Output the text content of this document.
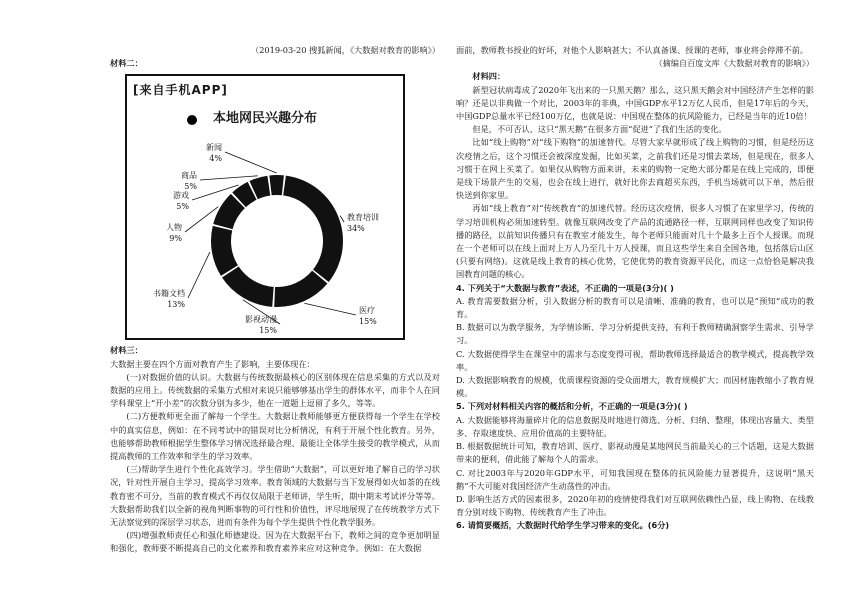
（2019-03-20 搜狐新闻，《大数据对教育的影响》）
材料二：
[来自手机APP]
本地网民兴趣分布
教育培训
34%
医疗
15%
影视动漫
15%
书籍文档
13%
人物
9%
游戏
5%
商品
5%
新闻
4%
材料三：

大数据主要在四个方面对教育产生了影响，主要体现在：

(一)对数据价值的认识。大数据与传统数据最核心的区别体现在信息采集的方式以及对数据的应用上。传统数据的采集方式相对来说只能够够基出学生的群体水平，而非个人在同学科课堂上“开小差”的次数分别为多少，他在一道题上逗留了多久，等等。

(二)方便教师更全面了解每一个学生。大数据让教师能够更方便获得每一个学生在学校中的真实信息，例如：在不同考试中的错误对比分析情况，有利于开展个性化教育。另外，也能够帮助教师根据学生整体学习情况选择最合理、最能让全体学生接受的教学模式，从而提高教师的工作效率和学生的学习效率。

(三)帮助学生进行个性化高效学习。学生借助“大数据”，可以更好地了解自己的学习状况，针对性开展自主学习，提高学习效率。教育领域的大数据与当下发展得如火如荼的在线教育密不可分，当前的教育模式不再仅仅局限于老师讲，学生听，期中期末考试评分等等。大数据帮助我们以全新的视角判断事物的可行性和价值性，评尽地展现了在传统教学方式下无法察觉到的深层学习状态，进而有条件为每个学生提供个性化教学服务。

(四)增强教师责任心和强化师德建设。因为在大数据平台下，教师之间的竞争更加明显和强化，教师要不断提高自己的文化素养和教育素养来应对这种竞争。例如：在大数据

面前，教师教书授业的好坏，对他个人影响甚大；不认真备课、授课的老师，事业将会停滞不前。

（摘编自百度文库《大数据对教育的影响》）
材料四：

新型冠状病毒成了2020年飞出来的一只黑天鹅？那么，这只黑天鹅会对中国经济产生怎样的影响？还是以非典做一个对比，2003年的非典，中国GDP水平12万亿人民币，但是17年后的今天，中国GDP总量水平已经100万亿，也就是说：中国现在整体的抗风险能力，已经是当年的近10倍！

但是，不可否认，这只“黑天鹅”在很多方面“促进”了我们生活的变化。

比如“线上购物”对“线下购物”的加速替代。尽管大家早就形成了线上购物的习惯，但是经历这次疫情之后，这个习惯还会被深度发掘，比如买菜，之前我们还是习惯去菜场，但是现在，很多人习惯于在网上买菜了。如果仅从购物方面来讲，未来的购物一定绝大部分都是在线上完成的，即便是线下场景产生的交易，也会在线上进行，就好比你去商超买东西，手机当场就可以下单，然后很快送到你家里。

再如“线上教育”对“传统教育”的加速代替。经历这次疫情，很多人习惯了在家里学习，传统的学习培训机构必须加速转型。就像互联网改变了产品的流通路径一样，互联网同样也改变了知识传播的路径，以前知识传播只有在教室才能发生，每个老师只能面对几十个最多上百个人授课。而现在一个老师可以在线上面对上万人乃至几十万人授课，而且这些学生来自全国各地，包括落后山区(只要有网络)。这就是线上教育的核心优势，它使优势的教育资源平民化，而这一点恰恰是解决我国教育问题的核心。

4. 下列关于“大数据与教育”表述，不正确的一项是(3分)( )

A. 教育需要数据分析，引入数据分析的教育可以是清晰、准确的教育，也可以是“预知”成功的教育。

B. 数据可以为教学服务，为学情诊断、学习分析提供支持，有利于教师精确洞察学生需求、引导学习。

C. 大数据使得学生在课堂中的需求与态度变得可视，帮助教师选择最适合的教学模式，提高教学效率。

D. 大数据影响教育的规模，优质课程资源的受众面增大，教育规模扩大；而因材施教缩小了教育规模。

5. 下列对材料相关内容的概括和分析，不正确的一项是(3分)( )

A. 大数据能够将海量碎片化的信息数据及时地进行筛选、分析、归纳、整理，体现出容量大、类型多、存取速度快、应用价值高的主要特征。

B. 根据数据统计可知，教育培训、医疗、影视动漫是某地网民当前最关心的三个话题，这是大数据带来的便利，借此能了解每个人的需求。

C. 对比2003年与2020年GDP水平，可知我国现在整体的抗风险能力显著提升，这说明“黑天鹅”不大可能对我国经济产生动荡性的冲击。

D. 影响生活方式的因素很多，2020年初的疫情使得我们对互联网依赖性凸显，线上购物、在线教育分别对线下购物、传统教育产生了冲击。

6. 请简要概括，大数据时代给学生学习带来的变化。(6分)
